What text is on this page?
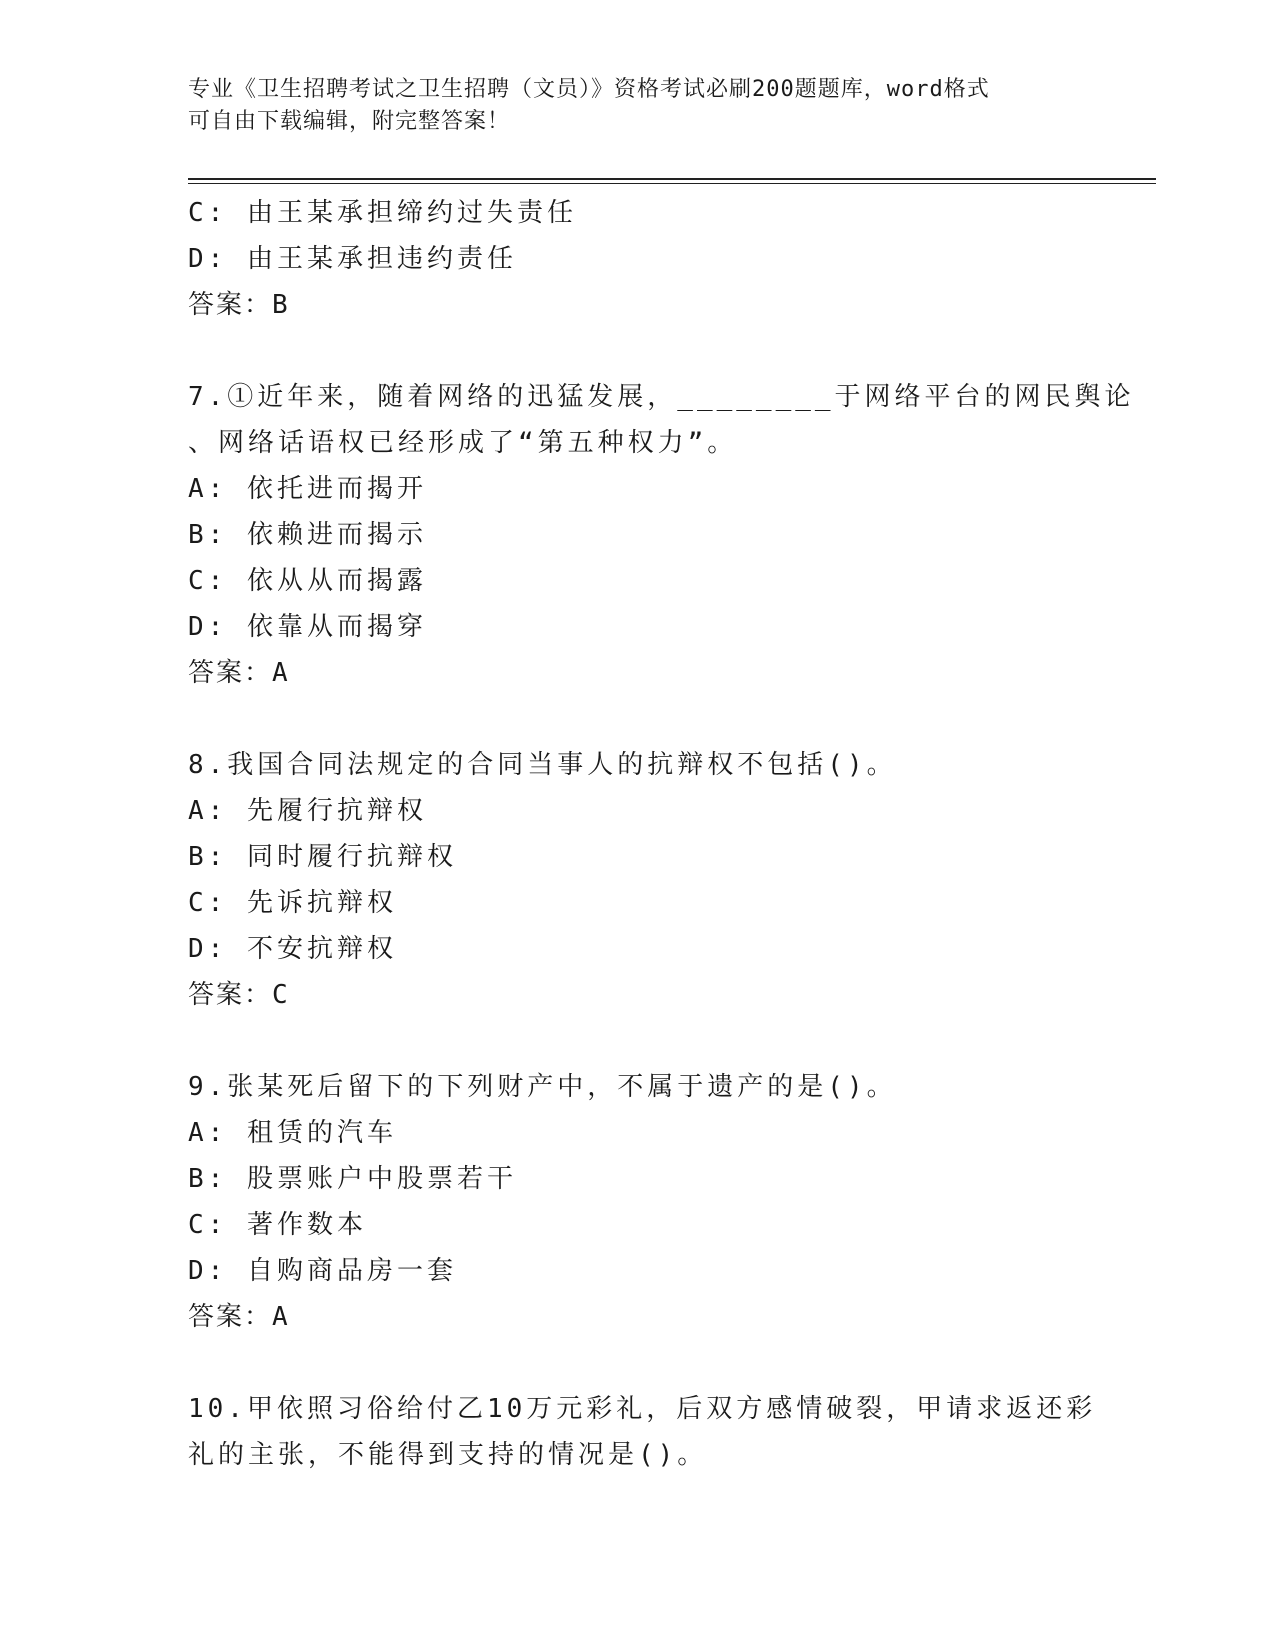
专业《卫生招聘考试之卫生招聘（文员）》资格考试必刷200题题库，word格式
可自由下载编辑，附完整答案！
C: 由王某承担缔约过失责任
D: 由王某承担违约责任
答案：B
7.①近年来，随着网络的迅猛发展，________于网络平台的网民舆论
、网络话语权已经形成了“第五种权力”。
A: 依托进而揭开
B: 依赖进而揭示
C: 依从从而揭露
D: 依靠从而揭穿
答案：A
8.我国合同法规定的合同当事人的抗辩权不包括()。
A: 先履行抗辩权
B: 同时履行抗辩权
C: 先诉抗辩权
D: 不安抗辩权
答案：C
9.张某死后留下的下列财产中，不属于遗产的是()。
A: 租赁的汽车
B: 股票账户中股票若干
C: 著作数本
D: 自购商品房一套
答案：A
10.甲依照习俗给付乙10万元彩礼，后双方感情破裂，甲请求返还彩
礼的主张，不能得到支持的情况是()。
